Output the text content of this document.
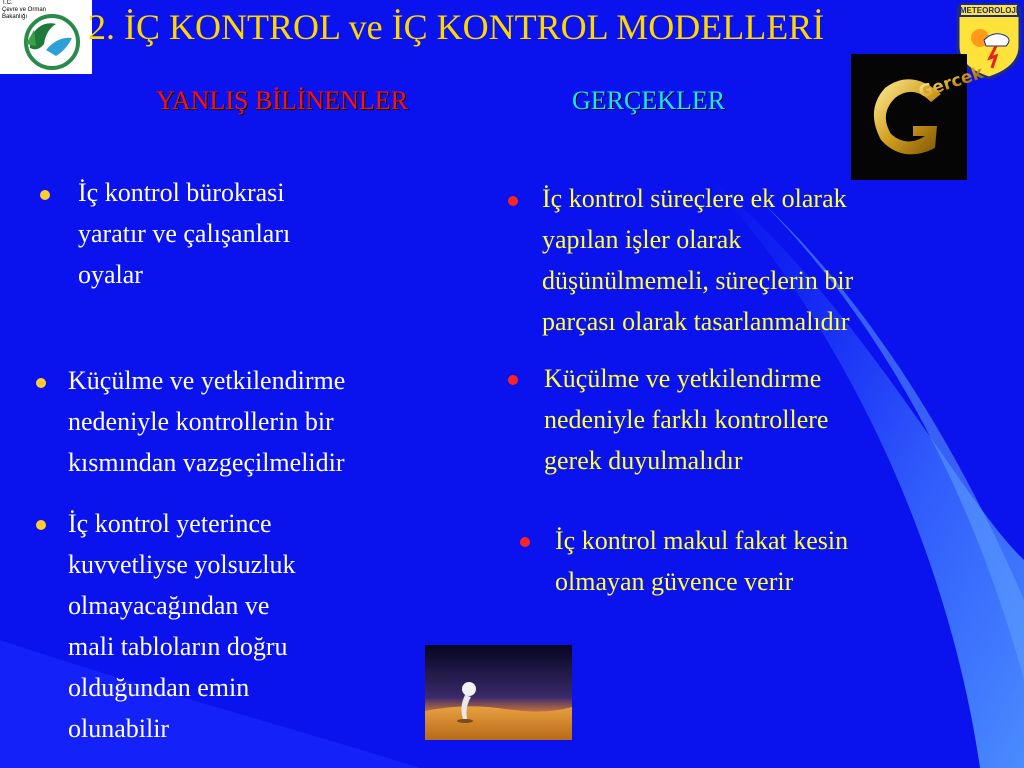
T.C.
Çevre ve Orman
Bakanlığı
METEOROLOJİ
2. İÇ KONTROL ve İÇ KONTROL MODELLERİ
YANLIŞ BİLİNENLER	GERÇEKLER	Gercek
İç kontrol bürokrasi
yaratır ve çalışanları
oyalar
Küçülme ve yetkilendirme
nedeniyle kontrollerin bir
kısmından vazgeçilmelidir
İç kontrol yeterince
kuvvetliyse yolsuzluk
olmayacağından ve
mali tabloların doğru
olduğundan emin
olunabilir
İç kontrol süreçlere ek olarak
yapılan işler olarak
düşünülmemeli, süreçlerin bir
parçası olarak tasarlanmalıdır
Küçülme ve yetkilendirme
nedeniyle farklı kontrollere
gerek duyulmalıdır
İç kontrol makul fakat kesin
olmayan güvence verir
